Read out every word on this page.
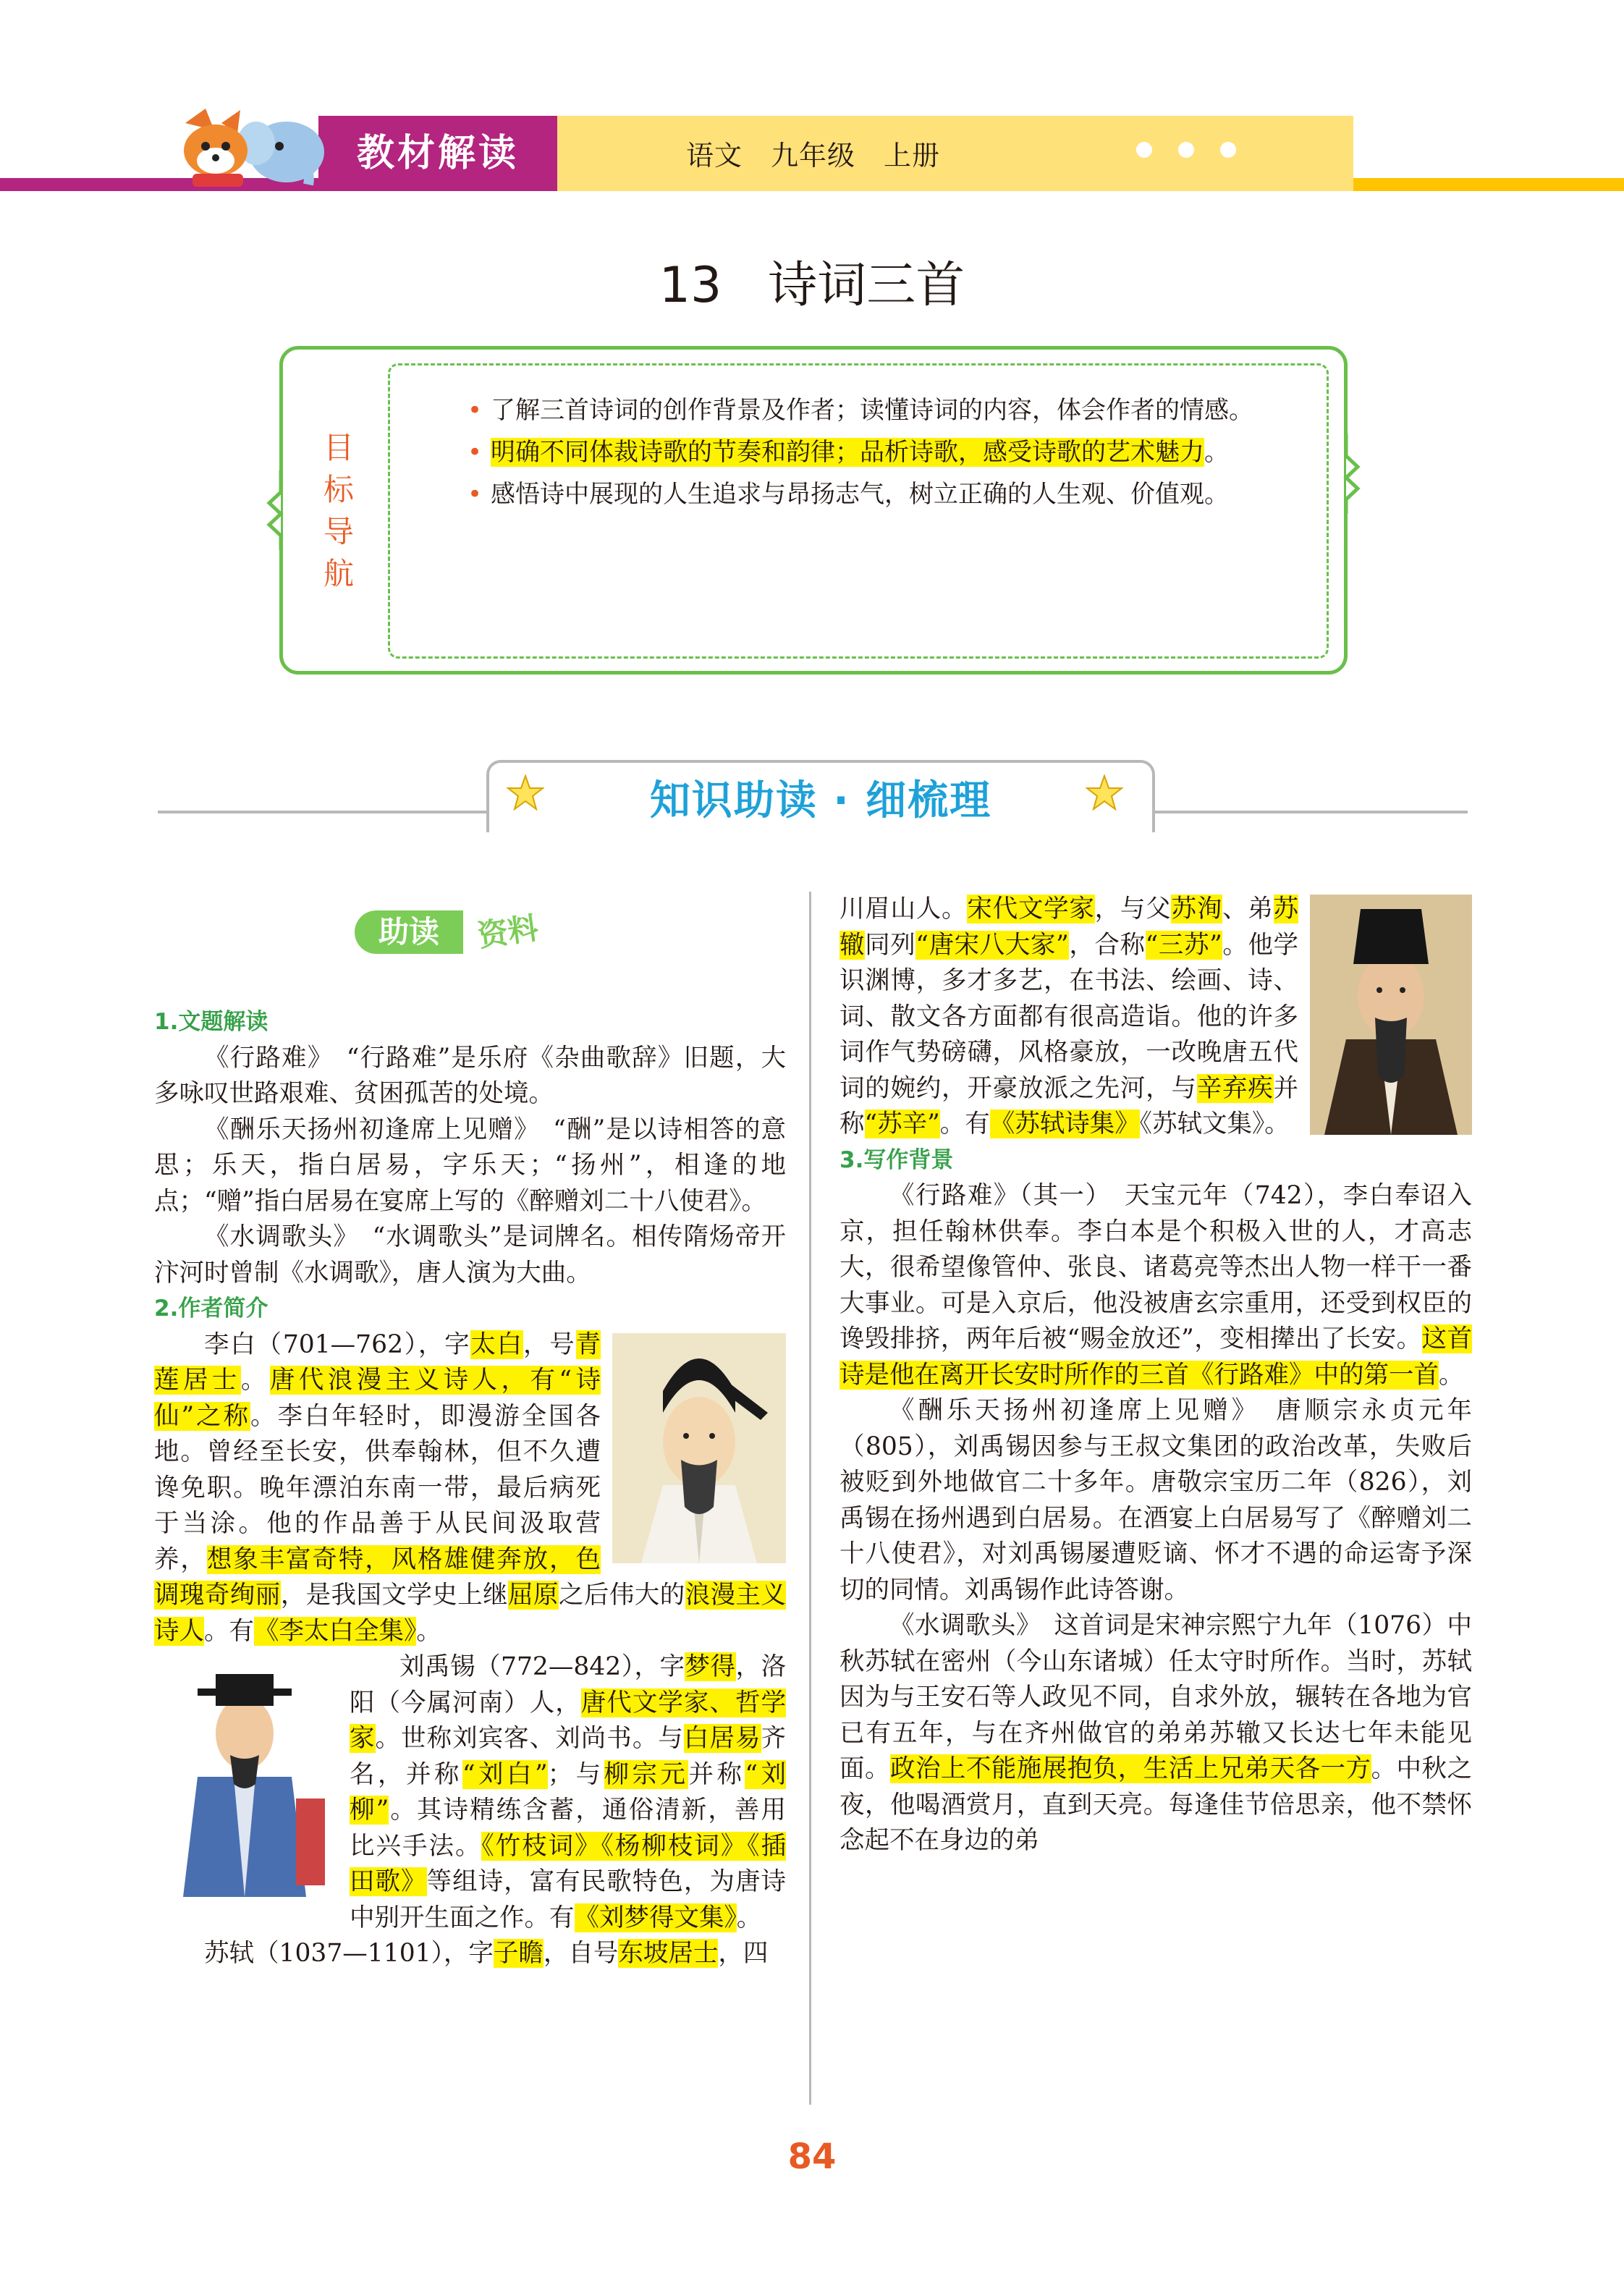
教材解读	语文　九年级　上册
13 诗词三首
目
标
导
航
• 了解三首诗词的创作背景及作者；读懂诗词的内容，体会作者的情感。
• 明确不同体裁诗歌的节奏和韵律；品析诗歌，感受诗歌的艺术魅力。
• 感悟诗中展现的人生追求与昂扬志气，树立正确的人生观、价值观。
知识助读 · 细梳理
助读	资料

1.文题解读

《行路难》　“行路难”是乐府《杂曲歌辞》旧题，大多咏叹世路艰难、贫困孤苦的处境。

《酬乐天扬州初逢席上见赠》　“酬”是以诗相答的意思；乐天，指白居易，字乐天；“扬州”，相逢的地点；“赠”指白居易在宴席上写的《醉赠刘二十八使君》。

《水调歌头》　“水调歌头”是词牌名。相传隋炀帝开汴河时曾制《水调歌》，唐人演为大曲。

2.作者简介

李白（701—762），字太白，号青莲居士。唐代浪漫主义诗人，有“诗仙”之称。李白年轻时，即漫游全国各地。曾经至长安，供奉翰林，但不久遭谗免职。晚年漂泊东南一带，最后病死于当涂。他的作品善于从民间汲取营养，想象丰富奇特，风格雄健奔放，色调瑰奇绚丽，是我国文学史上继屈原之后伟大的浪漫主义诗人。有《李太白全集》。

刘禹锡（772—842），字梦得，洛阳（今属河南）人，唐代文学家、哲学家。世称刘宾客、刘尚书。与白居易齐名，并称“刘白”；与柳宗元并称“刘柳”。其诗精练含蓄，通俗清新，善用比兴手法。《竹枝词》《杨柳枝词》《插田歌》等组诗，富有民歌特色，为唐诗中别开生面之作。有《刘梦得文集》。

苏轼（1037—1101），字子瞻，自号东坡居士，四

川眉山人。宋代文学家，与父苏洵、弟苏辙同列“唐宋八大家”，合称“三苏”。他学识渊博，多才多艺，在书法、绘画、诗、词、散文各方面都有很高造诣。他的许多词作气势磅礴，风格豪放，一改晚唐五代词的婉约，开豪放派之先河，与辛弃疾并称“苏辛”。有《苏轼诗集》《苏轼文集》。

3.写作背景

《行路难》（其一）　天宝元年（742），李白奉诏入京，担任翰林供奉。李白本是个积极入世的人，才高志大，很希望像管仲、张良、诸葛亮等杰出人物一样干一番大事业。可是入京后，他没被唐玄宗重用，还受到权臣的谗毁排挤，两年后被“赐金放还”，变相撵出了长安。这首诗是他在离开长安时所作的三首《行路难》中的第一首。

《酬乐天扬州初逢席上见赠》　唐顺宗永贞元年（805），刘禹锡因参与王叔文集团的政治改革，失败后被贬到外地做官二十多年。唐敬宗宝历二年（826），刘禹锡在扬州遇到白居易。在酒宴上白居易写了《醉赠刘二十八使君》，对刘禹锡屡遭贬谪、怀才不遇的命运寄予深切的同情。刘禹锡作此诗答谢。

《水调歌头》　这首词是宋神宗熙宁九年（1076）中秋苏轼在密州（今山东诸城）任太守时所作。当时，苏轼因为与王安石等人政见不同，自求外放，辗转在各地为官已有五年，与在齐州做官的弟弟苏辙又长达七年未能见面。政治上不能施展抱负，生活上兄弟天各一方。中秋之夜，他喝酒赏月，直到天亮。每逢佳节倍思亲，他不禁怀念起不在身边的弟

84
